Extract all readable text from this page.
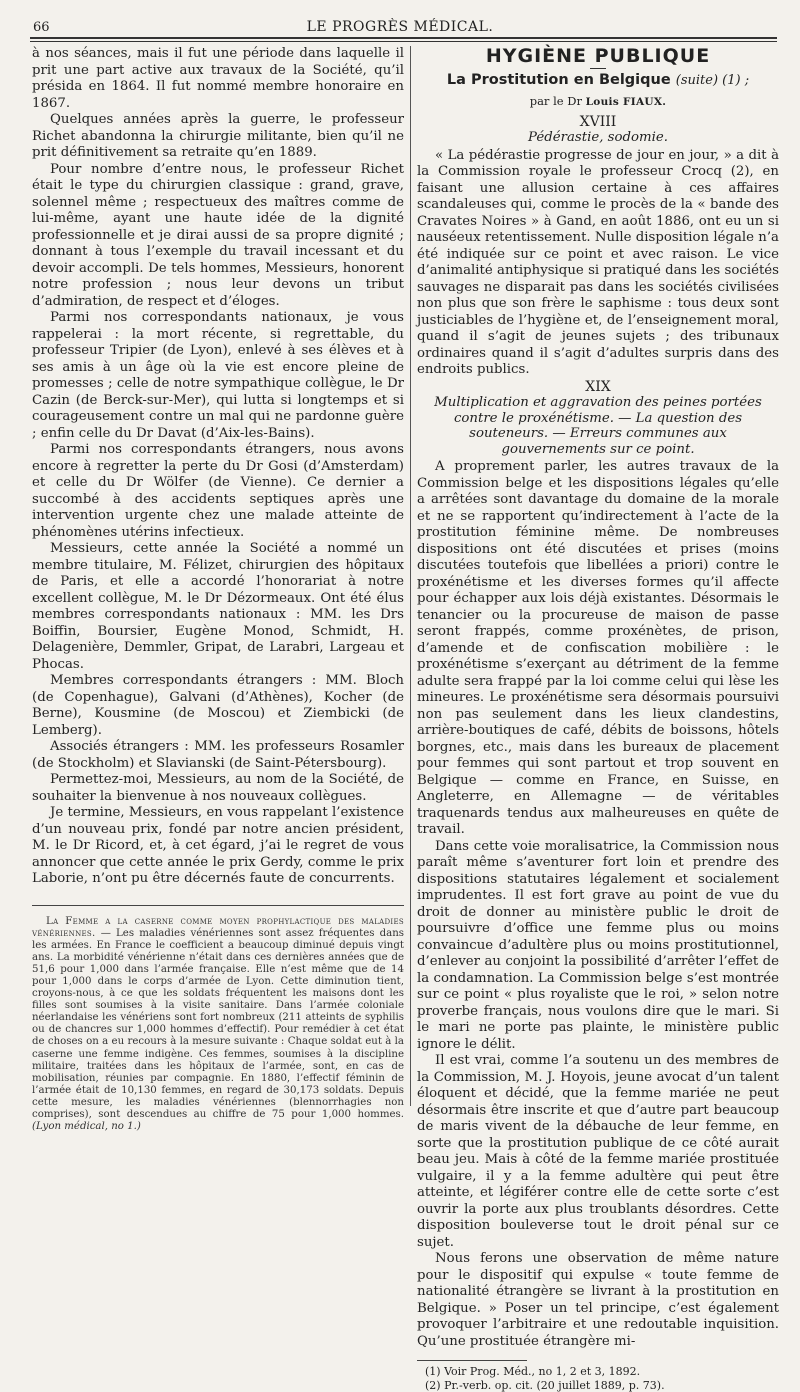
66	LE PROGRÈS MÉDICAL.

à nos séances, mais il fut une période dans laquelle il prit une part active aux travaux de la Société, qu’il présida en 1864. Il fut nommé membre honoraire en 1867.

Quelques années après la guerre, le professeur Richet abandonna la chirurgie militante, bien qu’il ne prit définitivement sa retraite qu’en 1889.

Pour nombre d’entre nous, le professeur Richet était le type du chirurgien classique : grand, grave, solennel même ; respectueux des maîtres comme de lui-même, ayant une haute idée de la dignité professionnelle et je dirai aussi de sa propre dignité ; donnant à tous l’exemple du travail incessant et du devoir accompli. De tels hommes, Messieurs, honorent notre profession ; nous leur devons un tribut d’admiration, de respect et d’éloges.

Parmi nos correspondants nationaux, je vous rappelerai : la mort récente, si regrettable, du professeur Tripier (de Lyon), enlevé à ses élèves et à ses amis à un âge où la vie est encore pleine de promesses ; celle de notre sympathique collègue, le Dr Cazin (de Berck-sur-Mer), qui lutta si longtemps et si courageusement contre un mal qui ne pardonne guère ; enfin celle du Dr Davat (d’Aix-les-Bains).

Parmi nos correspondants étrangers, nous avons encore à regretter la perte du Dr Gosi (d’Amsterdam) et celle du Dr Wölfer (de Vienne). Ce dernier a succombé à des accidents septiques après une intervention urgente chez une malade atteinte de phénomènes utérins infectieux.

Messieurs, cette année la Société a nommé un membre titulaire, M. Félizet, chirurgien des hôpitaux de Paris, et elle a accordé l’honorariat à notre excellent collègue, M. le Dr Dézormeaux. Ont été élus membres correspondants nationaux : MM. les Drs Boiffin, Boursier, Eugène Monod, Schmidt, H. Delagenière, Demmler, Gripat, de Larabri, Largeau et Phocas.

Membres correspondants étrangers : MM. Bloch (de Copenhague), Galvani (d’Athènes), Kocher (de Berne), Kousmine (de Moscou) et Ziembicki (de Lemberg).

Associés étrangers : MM. les professeurs Rosamler (de Stockholm) et Slavianski (de Saint-Pétersbourg).

Permettez-moi, Messieurs, au nom de la Société, de souhaiter la bienvenue à nos nouveaux collègues.

Je termine, Messieurs, en vous rappelant l’existence d’un nouveau prix, fondé par notre ancien président, M. le Dr Ricord, et, à cet égard, j’ai le regret de vous annoncer que cette année le prix Gerdy, comme le prix Laborie, n’ont pu être décernés faute de concurrents.

La Femme a la caserne comme moyen prophylactique des maladies vénériennes. — Les maladies vénériennes sont assez fréquentes dans les armées. En France le coefficient a beaucoup diminué depuis vingt ans. La morbidité vénérienne n’était dans ces dernières années que de 51,6 pour 1,000 dans l’armée française. Elle n’est même que de 14 pour 1,000 dans le corps d’armée de Lyon. Cette diminution tient, croyons-nous, à ce que les soldats fréquentent les maisons dont les filles sont soumises à la visite sanitaire. Dans l’armée coloniale néerlandaise les vénériens sont fort nombreux (211 atteints de syphilis ou de chancres sur 1,000 hommes d’effectif). Pour remédier à cet état de choses on a eu recours à la mesure suivante : Chaque soldat eut à la caserne une femme indigène. Ces femmes, soumises à la discipline militaire, traitées dans les hôpitaux de l’armée, sont, en cas de mobilisation, réunies par compagnie. En 1880, l’effectif féminin de l’armée était de 10,130 femmes, en regard de 30,173 soldats. Depuis cette mesure, les maladies vénériennes (blennorrhagies non comprises), sont descendues au chiffre de 75 pour 1,000 hommes. (Lyon médical, no 1.)

HYGIÈNE PUBLIQUE
La Prostitution en Belgique (suite) (1) ;
par le Dr Louis FIAUX.
XVIII
Pédérastie, sodomie.

« La pédérastie progresse de jour en jour, » a dit à la Commission royale le professeur Crocq (2), en faisant une allusion certaine à ces affaires scandaleuses qui, comme le procès de la « bande des Cravates Noires » à Gand, en août 1886, ont eu un si nauséeux retentissement. Nulle disposition légale n’a été indiquée sur ce point et avec raison. Le vice d’animalité antiphysique si pratiqué dans les sociétés sauvages ne disparait pas dans les sociétés civilisées non plus que son frère le saphisme : tous deux sont justiciables de l’hygiène et, de l’enseignement moral, quand il s’agit de jeunes sujets ; des tribunaux ordinaires quand il s’agit d’adultes surpris dans des endroits publics.

XIX
Multiplication et aggravation des peines portées contre le proxénétisme. — La question des souteneurs. — Erreurs communes aux gouvernements sur ce point.

A proprement parler, les autres travaux de la Commission belge et les dispositions légales qu’elle a arrêtées sont davantage du domaine de la morale et ne se rapportent qu’indirectement à l’acte de la prostitution féminine même. De nombreuses dispositions ont été discutées et prises (moins discutées toutefois que libellées a priori) contre le proxénétisme et les diverses formes qu’il affecte pour échapper aux lois déjà existantes. Désormais le tenancier ou la procureuse de maison de passe seront frappés, comme proxénètes, de prison, d’amende et de confiscation mobilière : le proxénétisme s’exerçant au détriment de la femme adulte sera frappé par la loi comme celui qui lèse les mineures. Le proxénétisme sera désormais poursuivi non pas seulement dans les lieux clandestins, arrière-boutiques de café, débits de boissons, hôtels borgnes, etc., mais dans les bureaux de placement pour femmes qui sont partout et trop souvent en Belgique — comme en France, en Suisse, en Angleterre, en Allemagne — de véritables traquenards tendus aux malheureuses en quête de travail.

Dans cette voie moralisatrice, la Commission nous paraît même s’aventurer fort loin et prendre des dispositions statutaires légalement et socialement imprudentes. Il est fort grave au point de vue du droit de donner au ministère public le droit de poursuivre d’office une femme plus ou moins convaincue d’adultère plus ou moins prostitutionnel, d’enlever au conjoint la possibilité d’arrêter l’effet de la condamnation. La Commission belge s’est montrée sur ce point « plus royaliste que le roi, » selon notre proverbe français, nous voulons dire que le mari. Si le mari ne porte pas plainte, le ministère public ignore le délit.

Il est vrai, comme l’a soutenu un des membres de la Commission, M. J. Hoyois, jeune avocat d’un talent éloquent et décidé, que la femme mariée ne peut désormais être inscrite et que d’autre part beaucoup de maris vivent de la débauche de leur femme, en sorte que la prostitution publique de ce côté aurait beau jeu. Mais à côté de la femme mariée prostituée vulgaire, il y a la femme adultère qui peut être atteinte, et légiférer contre elle de cette sorte c’est ouvrir la porte aux plus troublants désordres. Cette disposition bouleverse tout le droit pénal sur ce sujet.

Nous ferons une observation de même nature pour le dispositif qui expulse « toute femme de nationalité étrangère se livrant à la prostitution en Belgique. » Poser un tel principe, c’est également provoquer l’arbitraire et une redoutable inquisition. Qu’une prostituée étrangère mi-

(1) Voir Prog. Méd., no 1, 2 et 3, 1892.
(2) Pr.-verb. op. cit. (20 juillet 1889, p. 73).
